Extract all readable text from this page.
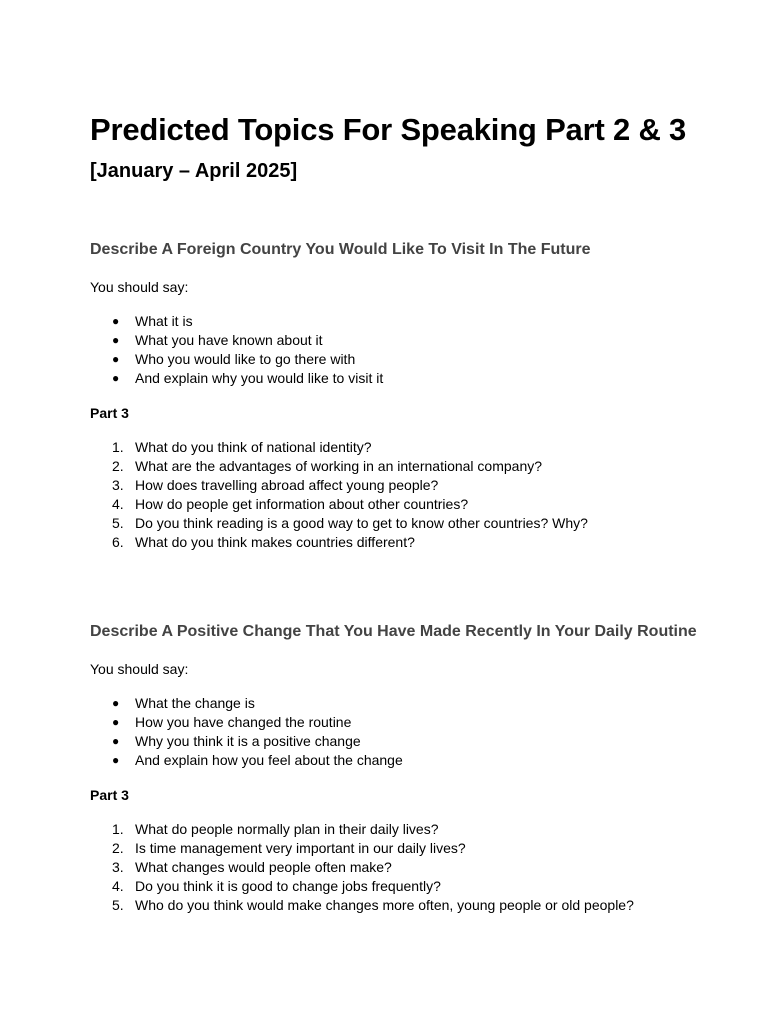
Predicted Topics For Speaking Part 2 & 3
[January – April 2025]
Describe A Foreign Country You Would Like To Visit In The Future

You should say:

● What it is
● What you have known about it
● Who you would like to go there with
● And explain why you would like to visit it

Part 3

1. What do you think of national identity?
2. What are the advantages of working in an international company?
3. How does travelling abroad affect young people?
4. How do people get information about other countries?
5. Do you think reading is a good way to get to know other countries? Why?
6. What do you think makes countries different?
Describe A Positive Change That You Have Made Recently In Your Daily Routine

You should say:

● What the change is
● How you have changed the routine
● Why you think it is a positive change
● And explain how you feel about the change

Part 3

1. What do people normally plan in their daily lives?
2. Is time management very important in our daily lives?
3. What changes would people often make?
4. Do you think it is good to change jobs frequently?
5. Who do you think would make changes more often, young people or old people?
